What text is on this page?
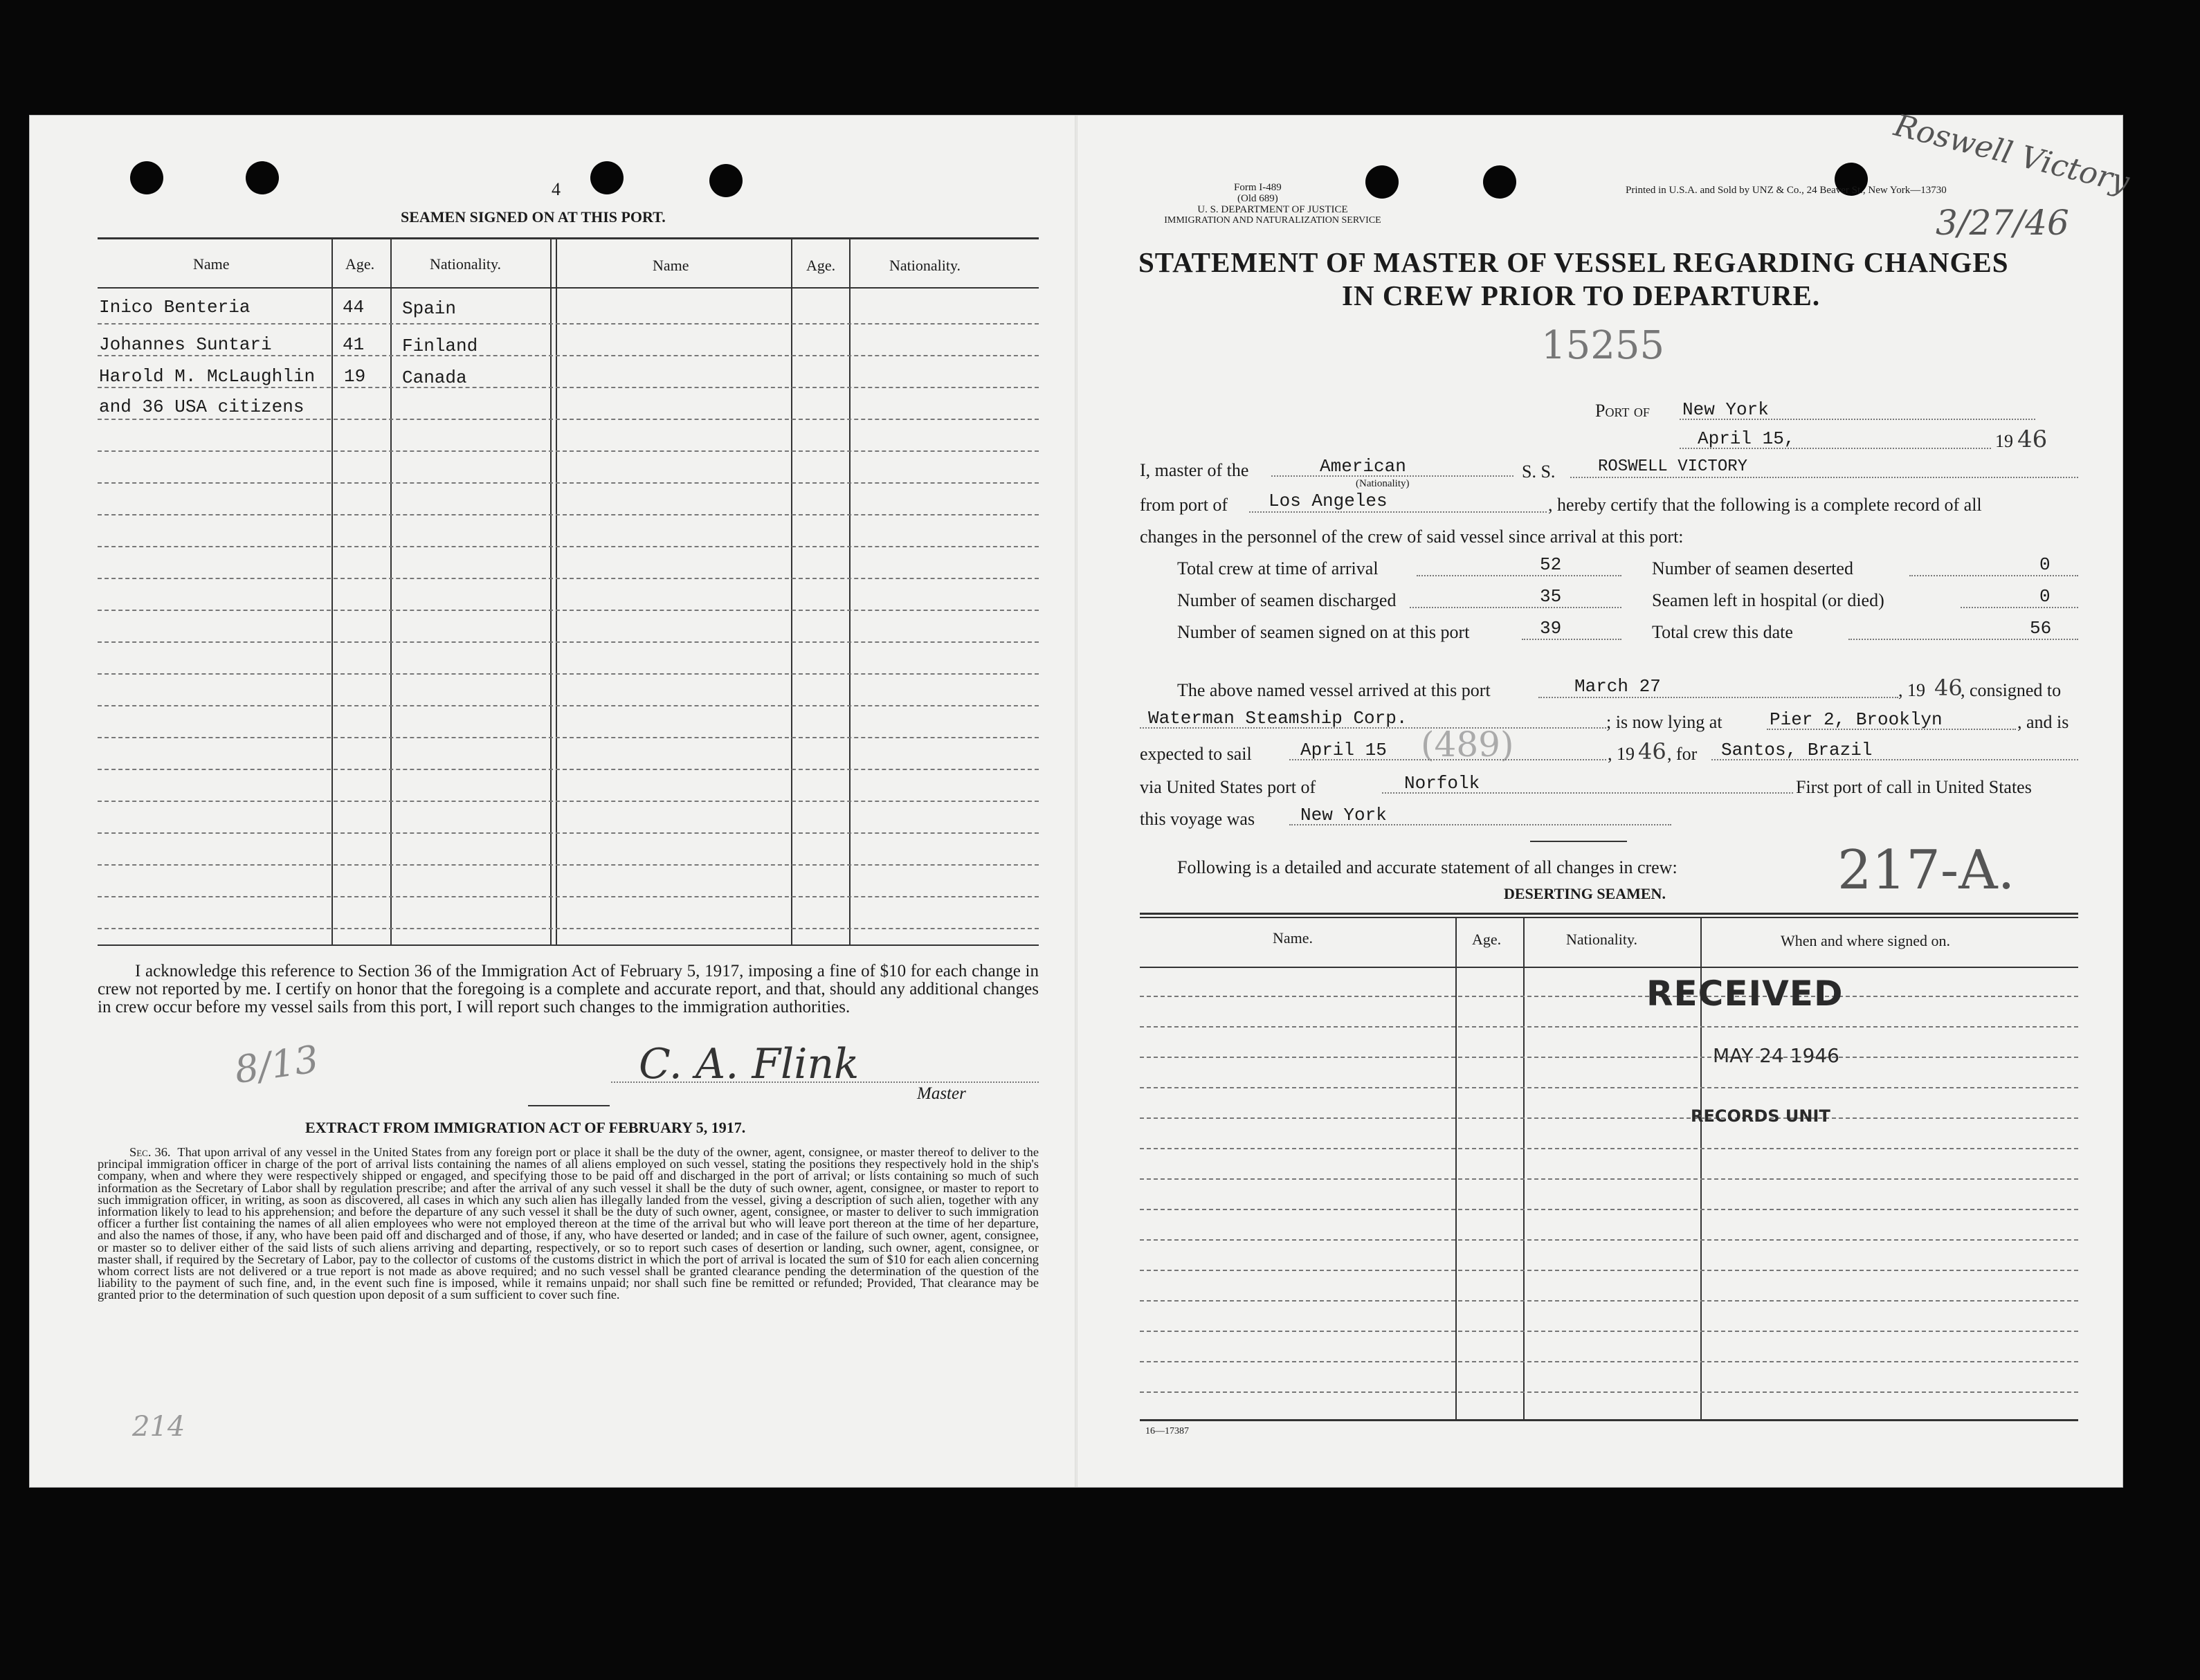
4
SEAMEN SIGNED ON AT THIS PORT.
Name	Age.	Nationality.	Name	Age.	Nationality.
Inico Benteria	44 Spain
Johannes Suntari	41 Finland
Harold M. McLaughlin 19 Canada
and 36 USA citizens
I acknowledge this reference to Section 36 of the Immigration Act of February 5, 1917, imposing a fine of $10 for each change in crew not reported by me. I certify on honor that the foregoing is a complete and accurate report, and that, should any additional changes in crew occur before my vessel sails from this port, I will report such changes to the immigration authorities.
8/13	C. A. Flink
Master
EXTRACT FROM IMMIGRATION ACT OF FEBRUARY 5, 1917.
Sec. 36. That upon arrival of any vessel in the United States from any foreign port or place it shall be the duty of the owner, agent, consignee, or master thereof to deliver to the principal immigration officer in charge of the port of arrival lists containing the names of all aliens employed on such vessel, stating the positions they respectively hold in the ship's company, when and where they were respectively shipped or engaged, and specifying those to be paid off and discharged in the port of arrival; or lists containing so much of such information as the Secretary of Labor shall by regulation prescribe; and after the arrival of any such vessel it shall be the duty of such owner, agent, consignee, or master to report to such immigration officer, in writing, as soon as discovered, all cases in which any such alien has illegally landed from the vessel, giving a description of such alien, together with any information likely to lead to his apprehension; and before the departure of any such vessel it shall be the duty of such owner, agent, consignee, or master to deliver to such immigration officer a further list containing the names of all alien employees who were not employed thereon at the time of the arrival but who will leave port thereon at the time of her departure, and also the names of those, if any, who have been paid off and discharged and of those, if any, who have deserted or landed; and in case of the failure of such owner, agent, consignee, or master so to deliver either of the said lists of such aliens arriving and departing, respectively, or so to report such cases of desertion or landing, such owner, agent, consignee, or master shall, if required by the Secretary of Labor, pay to the collector of customs of the customs district in which the port of arrival is located the sum of $10 for each alien concerning whom correct lists are not delivered or a true report is not made as above required; and no such vessel shall be granted clearance pending the determination of the question of the liability to the payment of such fine, and, in the event such fine is imposed, while it remains unpaid; nor shall such fine be remitted or refunded; Provided, That clearance may be granted prior to the determination of such question upon deposit of a sum sufficient to cover such fine.
214
Form I-489
(Old 689)
U. S. DEPARTMENT OF JUSTICE
IMMIGRATION AND NATURALIZATION SERVICE
Printed in U.S.A. and Sold by UNZ & Co., 24 Beaver St., New York—13730
Roswell Victory
3/27/46
STATEMENT OF MASTER OF VESSEL REGARDING CHANGES
IN CREW PRIOR TO DEPARTURE.
15255
Port of New York
April 15,	19 46
I, master of the	American
(Nationality)
S. S.	ROSWELL VICTORY
from port of Los Angeles	, hereby certify that the following is a complete record of all
changes in the personnel of the crew of said vessel since arrival at this port:
Total crew at time of arrival	52
Number of seamen discharged	35
Number of seamen signed on at this port	39
Number of seamen deserted	0
Seamen left in hospital (or died)	0
Total crew this date	56
The above named vessel arrived at this port	March 27	, 19 46
, consigned to
Waterman Steamship Corp.	; is now lying at	Pier 2, Brooklyn	, and is
expected to sail	April 15 (489)	, 19 46 , for Santos, Brazil
via United States port of	Norfolk	First port of call in United States
this voyage was	New York
Following is a detailed and accurate statement of all changes in crew:	217-A.
DESERTING SEAMEN.
Name.	Age.	Nationality.	When and where signed on.
RECEIVED
MAY 24 1946
RECORDS UNIT
16—17387
